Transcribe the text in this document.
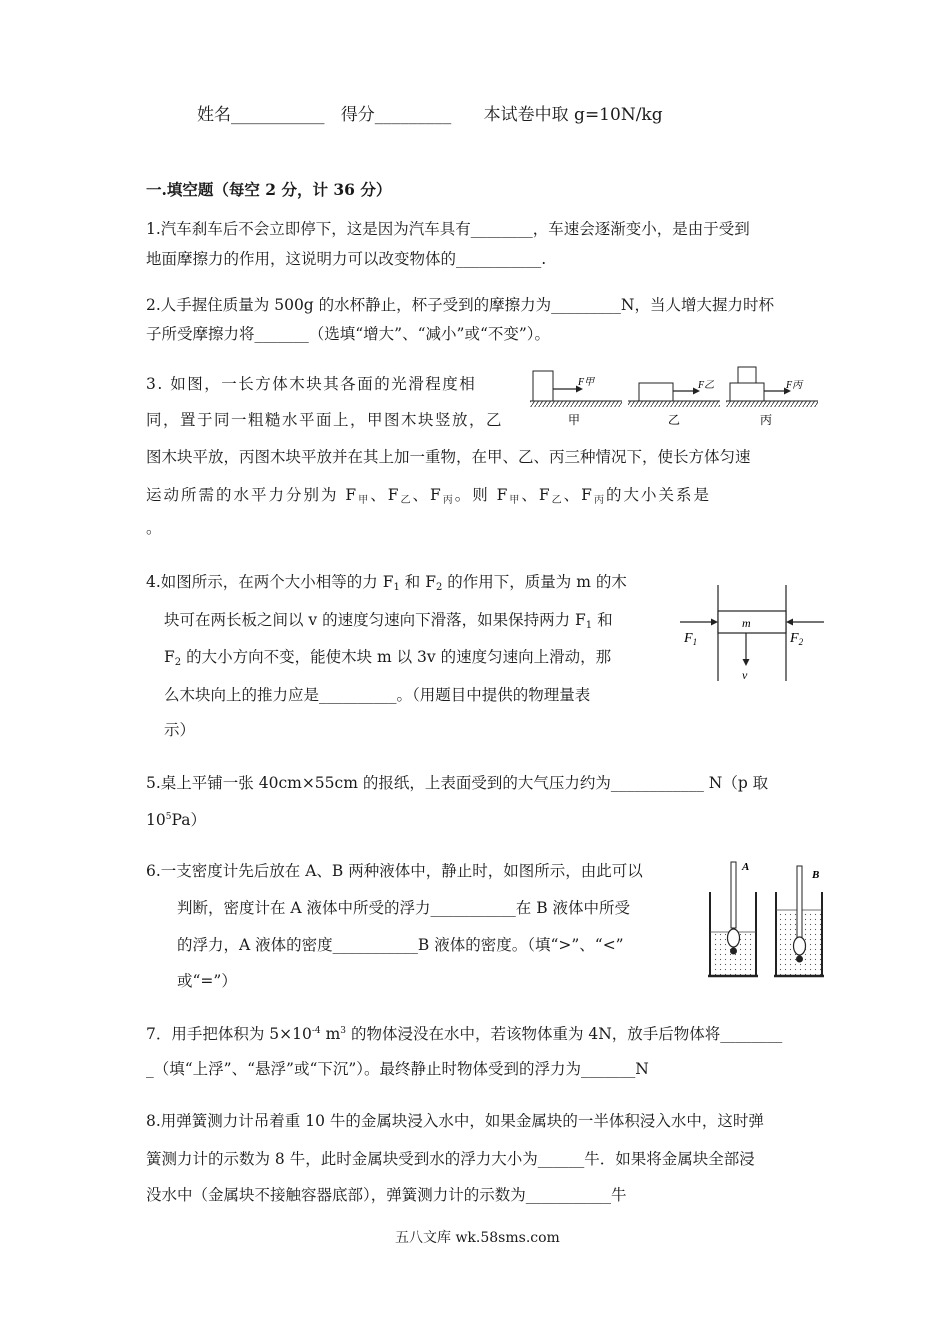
姓名___________ 得分_________ 本试卷中取 g=10N/kg
一.填空题（每空 2 分，计 36 分）
1.汽车刹车后不会立即停下，这是因为汽车具有________，车速会逐渐变小，是由于受到
地面摩擦力的作用，这说明力可以改变物体的___________.
2.人手握住质量为 500g 的水杯静止，杯子受到的摩擦力为_________N，当人增大握力时杯
子所受摩擦力将_______（选填“增大”、“减小”或“不变”）。
3. 如图，一长方体木块其各面的光滑程度相
同，置于同一粗糙水平面上，甲图木块竖放，乙
图木块平放，丙图木块平放并在其上加一重物，在甲、乙、丙三种情况下，使长方体匀速
运动所需的水平力分别为 $F_甲$、$F_乙$、$F_丙$。则 $F_甲$、$F_乙$、$F_丙$的大小关系是
。
F甲
甲
F乙
乙
F丙
丙
4.如图所示，在两个大小相等的力 $F_1$ 和 $F_2$ 的作用下，质量为 m 的木
块可在两长板之间以 v 的速度匀速向下滑落，如果保持两力 $F_1$ 和
$F_2$ 的大小方向不变，能使木块 m 以 3v 的速度匀速向上滑动，那
么木块向上的推力应是__________。（用题目中提供的物理量表
示）
m
$F_1$	$F_2$
v
5.桌上平铺一张 40cm×55cm 的报纸，上表面受到的大气压力约为____________ N（p 取
$10^5Pa$）
6.一支密度计先后放在 A、B 两种液体中，静止时，如图所示，由此可以
判断，密度计在 A 液体中所受的浮力___________在 B 液体中所受
的浮力，A 液体的密度___________B 液体的密度。（填“>”、“<”
或“=”）
A
B
7．用手把体积为 $5\times 10^{-4}$ $m^3$ 的物体浸没在水中，若该物体重为 4N，放手后物体将________
_（填“上浮”、“悬浮”或“下沉”）。最终静止时物体受到的浮力为_______N
8.用弹簧测力计吊着重 10 牛的金属块浸入水中，如果金属块的一半体积浸入水中，这时弹
簧测力计的示数为 8 牛，此时金属块受到水的浮力大小为______牛．如果将金属块全部浸
没水中（金属块不接触容器底部），弹簧测力计的示数为___________牛
五八文库 wk.58sms.com
